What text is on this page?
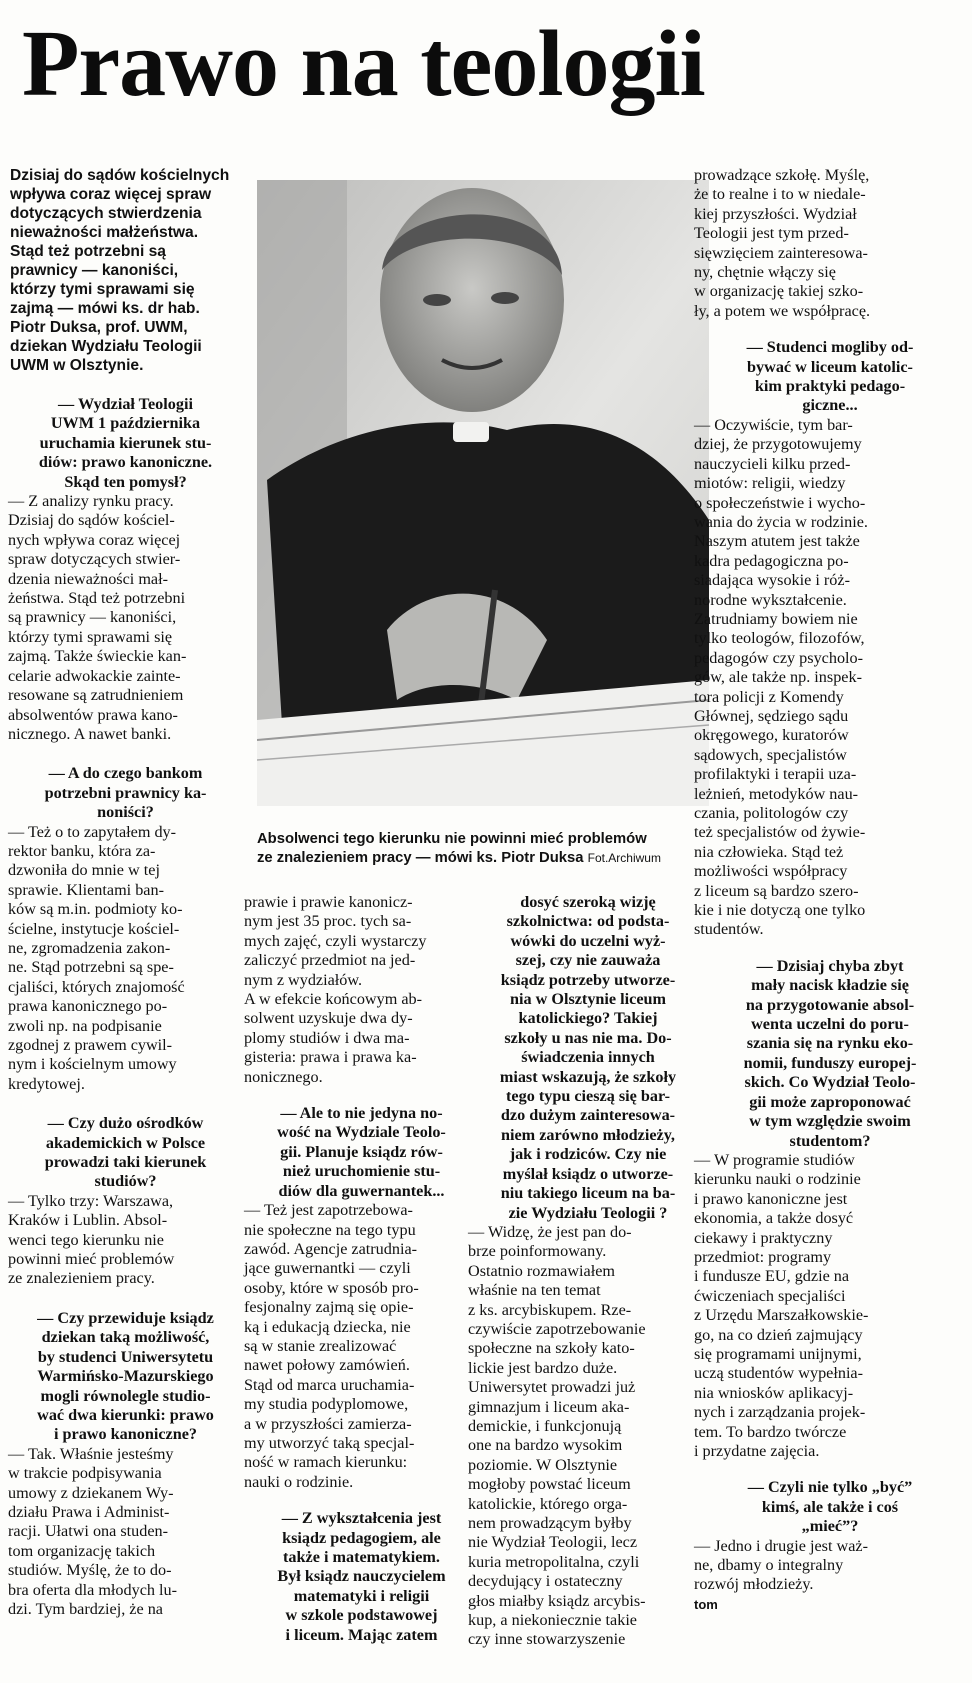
Prawo na teologii
Dzisiaj do sądów kościelnych
wpływa coraz więcej spraw
dotyczących stwierdzenia
nieważności małżeństwa.
Stąd też potrzebni są
prawnicy — kanoniści,
którzy tymi sprawami się
zajmą — mówi ks. dr hab.
Piotr Duksa, prof. UWM,
dziekan Wydziału Teologii
UWM w Olsztynie.
— Wydział Teologii
UWM 1 października
uruchamia kierunek stu-
diów: prawo kanoniczne.
Skąd ten pomysł?
— Z analizy rynku pracy.
Dzisiaj do sądów kościel-
nych wpływa coraz więcej
spraw dotyczących stwier-
dzenia nieważności mał-
żeństwa. Stąd też potrzebni
są prawnicy — kanoniści,
którzy tymi sprawami się
zajmą. Także świeckie kan-
celarie adwokackie zainte-
resowane są zatrudnieniem
absolwentów prawa kano-
nicznego. A nawet banki.
— A do czego bankom
potrzebni prawnicy ka-
noniści?
— Też o to zapytałem dy-
rektor banku, która za-
dzwoniła do mnie w tej
sprawie. Klientami ban-
ków są m.in. podmioty ko-
ścielne, instytucje kościel-
ne, zgromadzenia zakon-
ne. Stąd potrzebni są spe-
cjaliści, których znajomość
prawa kanonicznego po-
zwoli np. na podpisanie
zgodnej z prawem cywil-
nym i kościelnym umowy
kredytowej.
— Czy dużo ośrodków
akademickich w Polsce
prowadzi taki kierunek
studiów?
— Tylko trzy: Warszawa,
Kraków i Lublin. Absol-
wenci tego kierunku nie
powinni mieć problemów
ze znalezieniem pracy.
— Czy przewiduje ksiądz
dziekan taką możliwość,
by studenci Uniwersytetu
Warmińsko-Mazurskiego
mogli równolegle studio-
wać dwa kierunki: prawo
i prawo kanoniczne?
— Tak. Właśnie jesteśmy
w trakcie podpisywania
umowy z dziekanem Wy-
działu Prawa i Administ-
racji. Ułatwi ona studen-
tom organizację takich
studiów. Myślę, że to do-
bra oferta dla młodych lu-
dzi. Tym bardziej, że na
Absolwenci tego kierunku nie powinni mieć problemów
ze znalezieniem pracy — mówi ks. Piotr Duksa Fot.Archiwum
prawie i prawie kanonicz-
nym jest 35 proc. tych sa-
mych zajęć, czyli wystarczy
zaliczyć przedmiot na jed-
nym z wydziałów.
A w efekcie końcowym ab-
solwent uzyskuje dwa dy-
plomy studiów i dwa ma-
gisteria: prawa i prawa ka-
nonicznego.
— Ale to nie jedyna no-
wość na Wydziale Teolo-
gii. Planuje ksiądz rów-
nież uruchomienie stu-
diów dla guwernantek...
— Też jest zapotrzebowa-
nie społeczne na tego typu
zawód. Agencje zatrudnia-
jące guwernantki — czyli
osoby, które w sposób pro-
fesjonalny zajmą się opie-
ką i edukacją dziecka, nie
są w stanie zrealizować
nawet połowy zamówień.
Stąd od marca uruchamia-
my studia podyplomowe,
a w przyszłości zamierza-
my utworzyć taką specjal-
ność w ramach kierunku:
nauki o rodzinie.
— Z wykształcenia jest
ksiądz pedagogiem, ale
także i matematykiem.
Był ksiądz nauczycielem
matematyki i religii
w szkole podstawowej
i liceum. Mając zatem
dosyć szeroką wizję
szkolnictwa: od podsta-
wówki do uczelni wyż-
szej, czy nie zauważa
ksiądz potrzeby utworze-
nia w Olsztynie liceum
katolickiego? Takiej
szkoły u nas nie ma. Do-
świadczenia innych
miast wskazują, że szkoły
tego typu cieszą się bar-
dzo dużym zainteresowa-
niem zarówno młodzieży,
jak i rodziców. Czy nie
myślał ksiądz o utworze-
niu takiego liceum na ba-
zie Wydziału Teologii ?
— Widzę, że jest pan do-
brze poinformowany.
Ostatnio rozmawiałem
właśnie na ten temat
z ks. arcybiskupem. Rze-
czywiście zapotrzebowanie
społeczne na szkoły kato-
lickie jest bardzo duże.
Uniwersytet prowadzi już
gimnazjum i liceum aka-
demickie, i funkcjonują
one na bardzo wysokim
poziomie. W Olsztynie
mogłoby powstać liceum
katolickie, którego orga-
nem prowadzącym byłby
nie Wydział Teologii, lecz
kuria metropolitalna, czyli
decydujący i ostateczny
głos miałby ksiądz arcybis-
kup, a niekoniecznie takie
czy inne stowarzyszenie
prowadzące szkołę. Myślę,
że to realne i to w niedale-
kiej przyszłości. Wydział
Teologii jest tym przed-
sięwzięciem zainteresowa-
ny, chętnie włączy się
w organizację takiej szko-
ły, a potem we współpracę.
— Studenci mogliby od-
bywać w liceum katolic-
kim praktyki pedago-
giczne...
— Oczywiście, tym bar-
dziej, że przygotowujemy
nauczycieli kilku przed-
miotów: religii, wiedzy
o społeczeństwie i wycho-
wania do życia w rodzinie.
Naszym atutem jest także
kadra pedagogiczna po-
siadająca wysokie i róż-
norodne wykształcenie.
Zatrudniamy bowiem nie
tylko teologów, filozofów,
pedagogów czy psycholo-
gów, ale także np. inspek-
tora policji z Komendy
Głównej, sędziego sądu
okręgowego, kuratorów
sądowych, specjalistów
profilaktyki i terapii uza-
leżnień, metodyków nau-
czania, politologów czy
też specjalistów od żywie-
nia człowieka. Stąd też
możliwości współpracy
z liceum są bardzo szero-
kie i nie dotyczą one tylko
studentów.
— Dzisiaj chyba zbyt
mały nacisk kładzie się
na przygotowanie absol-
wenta uczelni do poru-
szania się na rynku eko-
nomii, funduszy europej-
skich. Co Wydział Teolo-
gii może zaproponować
w tym względzie swoim
studentom?
— W programie studiów
kierunku nauki o rodzinie
i prawo kanoniczne jest
ekonomia, a także dosyć
ciekawy i praktyczny
przedmiot: programy
i fundusze EU, gdzie na
ćwiczeniach specjaliści
z Urzędu Marszałkowskie-
go, na co dzień zajmujący
się programami unijnymi,
uczą studentów wypełnia-
nia wniosków aplikacyj-
nych i zarządzania projek-
tem. To bardzo twórcze
i przydatne zajęcia.
— Czyli nie tylko „być”
kimś, ale także i coś
„mieć”?
— Jedno i drugie jest waż-
ne, dbamy o integralny
rozwój młodzieży.
tom
